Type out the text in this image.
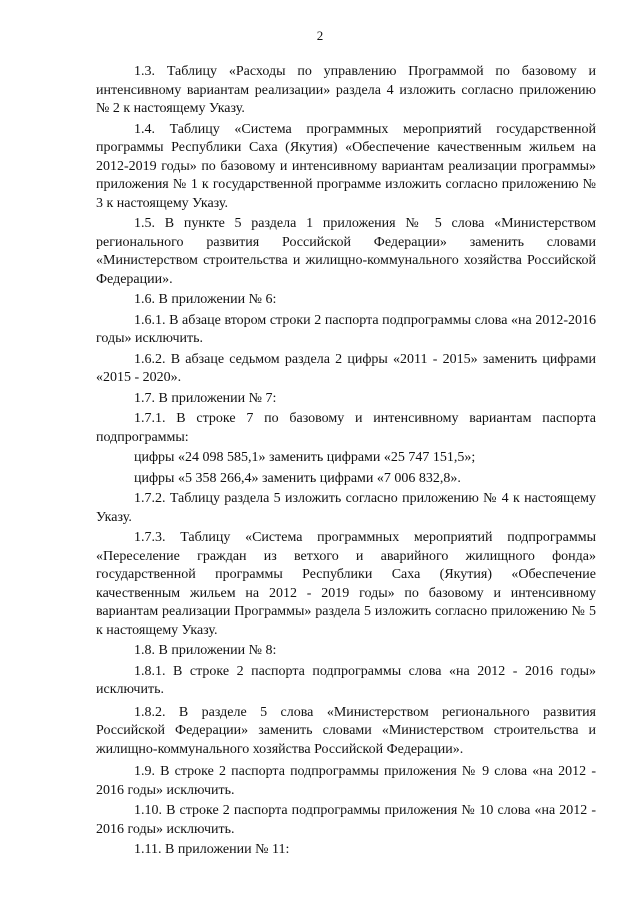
2

1.3. Таблицу «Расходы по управлению Программой по базовому и интенсивному вариантам реализации» раздела 4 изложить согласно приложению № 2 к настоящему Указу.

1.4. Таблицу «Система программных мероприятий государственной программы Республики Саха (Якутия) «Обеспечение качественным жильем на 2012-2019 годы» по базовому и интенсивному вариантам реализации программы» приложения № 1 к государственной программе изложить согласно приложению № 3 к настоящему Указу.

1.5. В пункте 5 раздела 1 приложения № 5 слова «Министерством регионального развития Российской Федерации» заменить словами «Министерством строительства и жилищно-коммунального хозяйства Российской Федерации».

1.6. В приложении № 6:

1.6.1. В абзаце втором строки 2 паспорта подпрограммы слова «на 2012-2016 годы» исключить.

1.6.2. В абзаце седьмом раздела 2 цифры «2011 - 2015» заменить цифрами «2015 - 2020».

1.7. В приложении № 7:

1.7.1. В строке 7 по базовому и интенсивному вариантам паспорта подпрограммы:

цифры «24 098 585,1» заменить цифрами «25 747 151,5»;

цифры «5 358 266,4» заменить цифрами «7 006 832,8».

1.7.2. Таблицу раздела 5 изложить согласно приложению № 4 к настоящему Указу.

1.7.3. Таблицу «Система программных мероприятий подпрограммы «Переселение граждан из ветхого и аварийного жилищного фонда» государственной программы Республики Саха (Якутия) «Обеспечение качественным жильем на 2012 - 2019 годы» по базовому и интенсивному вариантам реализации Программы» раздела 5 изложить согласно приложению № 5 к настоящему Указу.

1.8. В приложении № 8:

1.8.1. В строке 2 паспорта подпрограммы слова «на 2012 - 2016 годы» исключить.

1.8.2. В разделе 5 слова «Министерством регионального развития Российской Федерации» заменить словами «Министерством строительства и жилищно-коммунального хозяйства Российской Федерации».

1.9. В строке 2 паспорта подпрограммы приложения № 9 слова «на 2012 - 2016 годы» исключить.

1.10. В строке 2 паспорта подпрограммы приложения № 10 слова «на 2012 - 2016 годы» исключить.

1.11. В приложении № 11:
